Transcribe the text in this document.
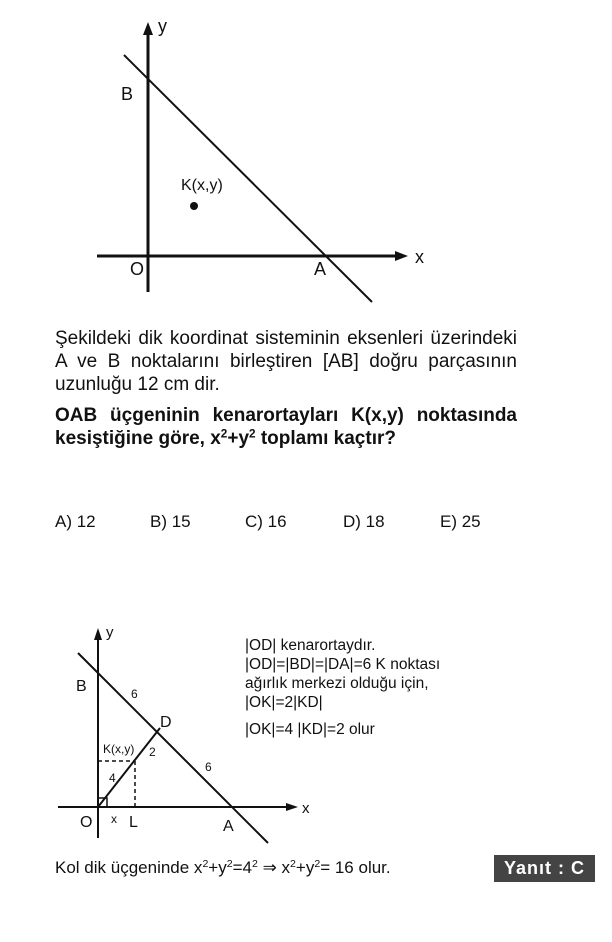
y
x
B
O	A
K(x,y)
Şekildeki dik koordinat sisteminin eksenleri üzerindeki A ve B noktalarını birleştiren [AB] doğru parçasının uzunluğu 12 cm dir.
OAB üçgeninin kenarortayları K(x,y) noktasında kesiştiğine göre, $x^2+y^2$ toplamı kaçtır?
A) 12	B) 15	C) 16	D) 18	E) 25
y
x
B
O	A
D
L
K(x,y)
6
6
4
2
x
|OD| kenarortaydır.
|OD|=|BD|=|DA|=6 K noktası
ağırlık merkezi olduğu için,
|OK|=2|KD|
|OK|=4 |KD|=2 olur
Kol dik üçgeninde $x^2+y^2=4^2$ ⇒ $x^2+y^2= 16$ olur.	Yanıt : C
